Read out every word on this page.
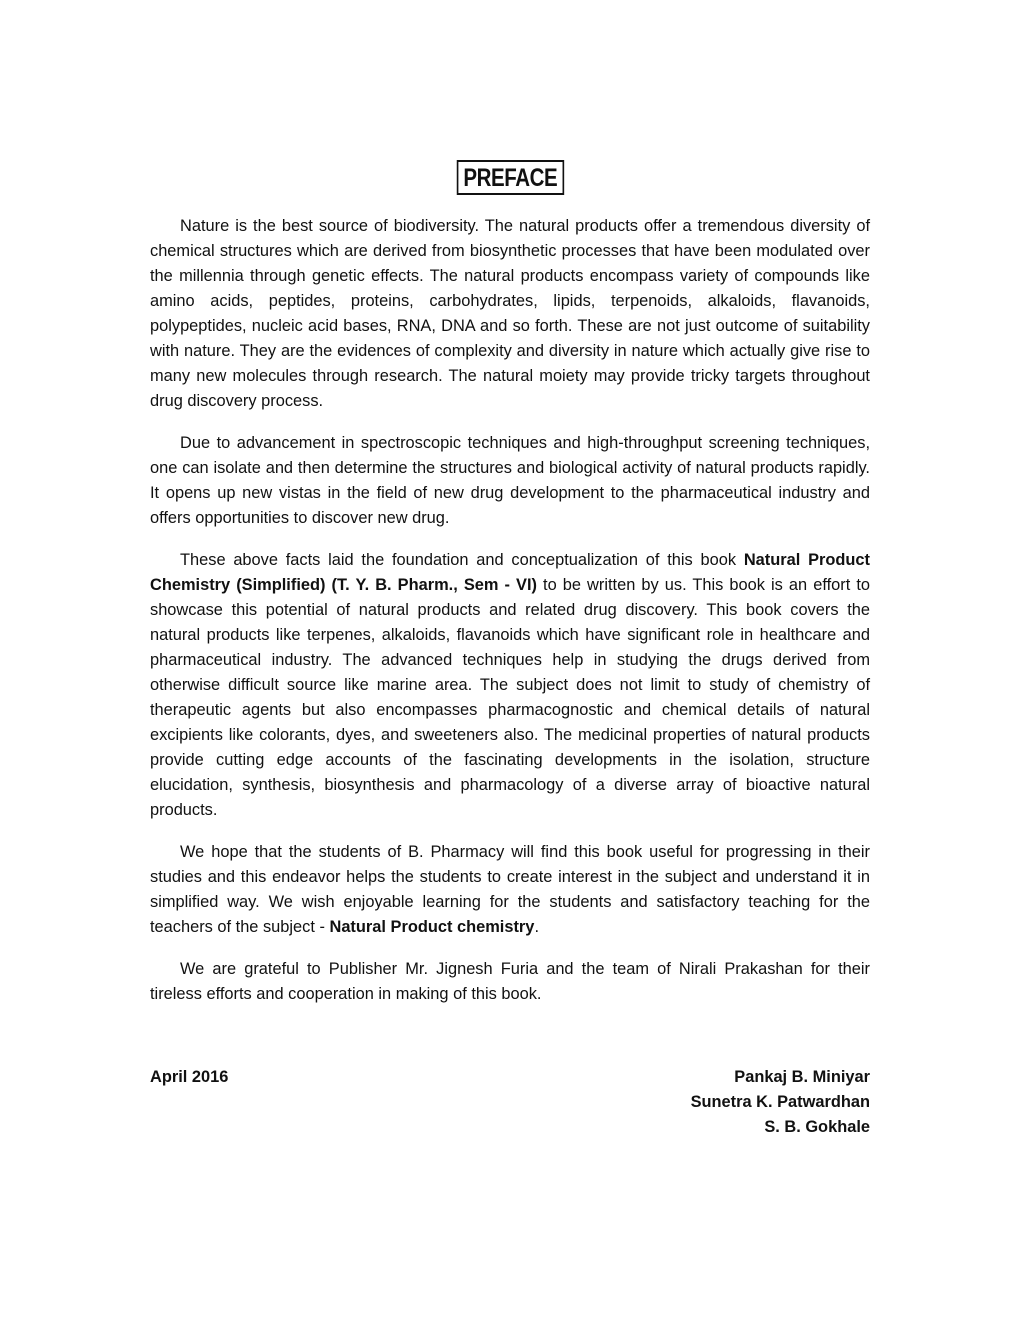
PREFACE

Nature is the best source of biodiversity. The natural products offer a tremendous diversity of chemical structures which are derived from biosynthetic processes that have been modulated over the millennia through genetic effects. The natural products encompass variety of compounds like amino acids, peptides, proteins, carbohydrates, lipids, terpenoids, alkaloids, flavanoids, polypeptides, nucleic acid bases, RNA, DNA and so forth. These are not just outcome of suitability with nature. They are the evidences of complexity and diversity in nature which actually give rise to many new molecules through research. The natural moiety may provide tricky targets throughout drug discovery process.

Due to advancement in spectroscopic techniques and high-throughput screening techniques, one can isolate and then determine the structures and biological activity of natural products rapidly. It opens up new vistas in the field of new drug development to the pharmaceutical industry and offers opportunities to discover new drug.

These above facts laid the foundation and conceptualization of this book Natural Product Chemistry (Simplified) (T. Y. B. Pharm., Sem - VI) to be written by us. This book is an effort to showcase this potential of natural products and related drug discovery. This book covers the natural products like terpenes, alkaloids, flavanoids which have significant role in healthcare and pharmaceutical industry. The advanced techniques help in studying the drugs derived from otherwise difficult source like marine area. The subject does not limit to study of chemistry of therapeutic agents but also encompasses pharmacognostic and chemical details of natural excipients like colorants, dyes, and sweeteners also. The medicinal properties of natural products provide cutting edge accounts of the fascinating developments in the isolation, structure elucidation, synthesis, biosynthesis and pharmacology of a diverse array of bioactive natural products.

We hope that the students of B. Pharmacy will find this book useful for progressing in their studies and this endeavor helps the students to create interest in the subject and understand it in simplified way. We wish enjoyable learning for the students and satisfactory teaching for the teachers of the subject - Natural Product chemistry.

We are grateful to Publisher Mr. Jignesh Furia and the team of Nirali Prakashan for their tireless efforts and cooperation in making of this book.

April 2016	Pankaj B. Miniyar
Sunetra K. Patwardhan
S. B. Gokhale
